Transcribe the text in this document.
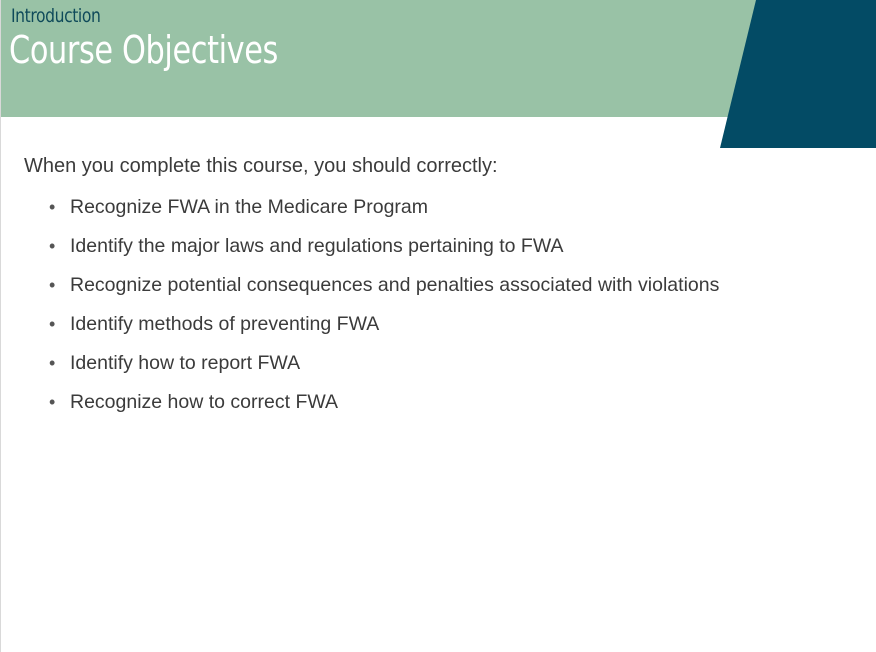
Introduction
Course Objectives

When you complete this course, you should correctly:

• Recognize FWA in the Medicare Program
• Identify the major laws and regulations pertaining to FWA
• Recognize potential consequences and penalties associated with violations
• Identify methods of preventing FWA
• Identify how to report FWA
• Recognize how to correct FWA
